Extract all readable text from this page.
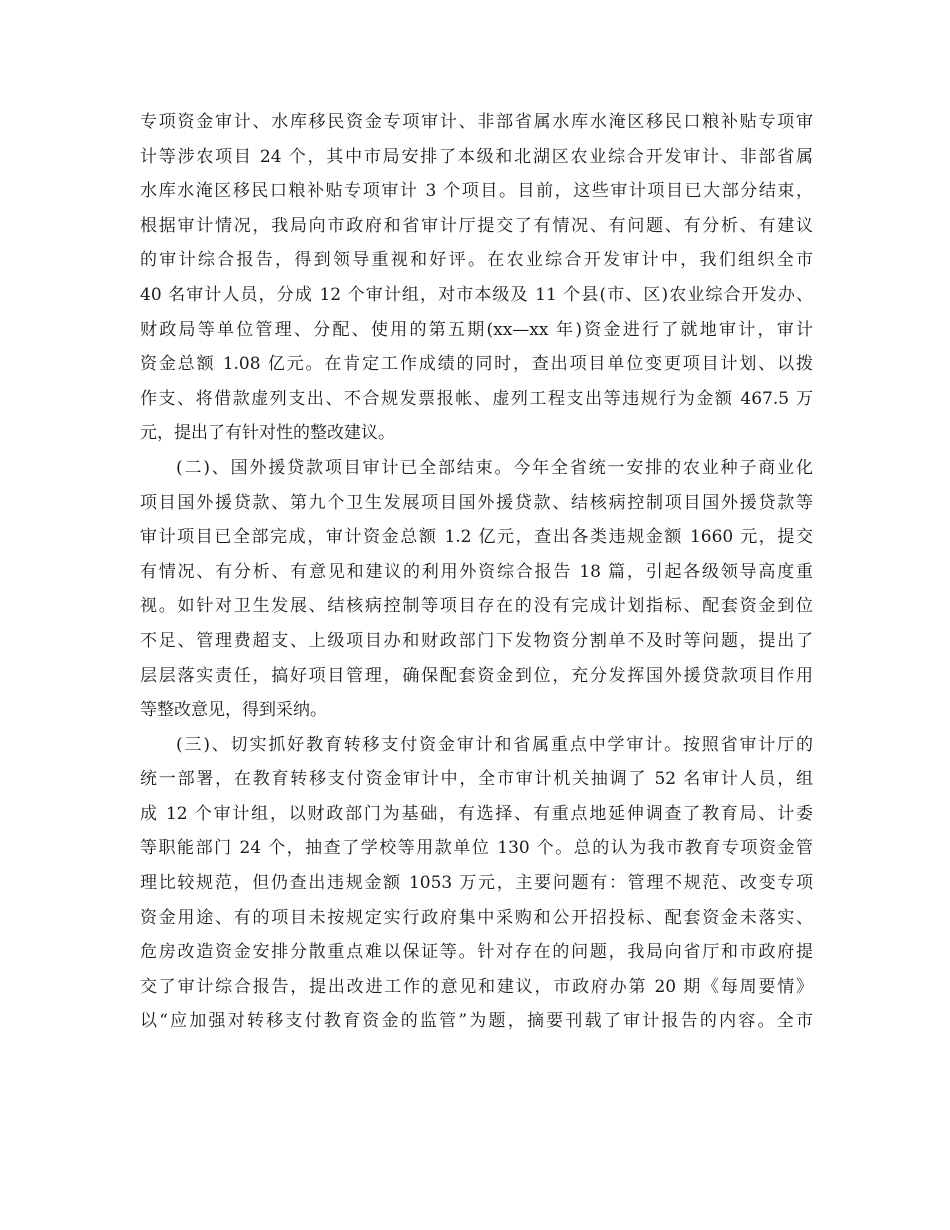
专项资金审计、水库移民资金专项审计、非部省属水库水淹区移民口粮补贴专项审
计等涉农项目 24 个，其中市局安排了本级和北湖区农业综合开发审计、非部省属
水库水淹区移民口粮补贴专项审计 3 个项目。目前，这些审计项目已大部分结束，
根据审计情况，我局向市政府和省审计厅提交了有情况、有问题、有分析、有建议
的审计综合报告，得到领导重视和好评。在农业综合开发审计中，我们组织全市
40 名审计人员，分成 12 个审计组，对市本级及 11 个县(市、区)农业综合开发办、
财政局等单位管理、分配、使用的第五期(xx—xx 年)资金进行了就地审计，审计
资金总额 1.08 亿元。在肯定工作成绩的同时，查出项目单位变更项目计划、以拨
作支、将借款虚列支出、不合规发票报帐、虚列工程支出等违规行为金额 467.5 万
元，提出了有针对性的整改建议。
(二)、国外援贷款项目审计已全部结束。今年全省统一安排的农业种子商业化
项目国外援贷款、第九个卫生发展项目国外援贷款、结核病控制项目国外援贷款等
审计项目已全部完成，审计资金总额 1.2 亿元，查出各类违规金额 1660 元，提交
有情况、有分析、有意见和建议的利用外资综合报告 18 篇，引起各级领导高度重
视。如针对卫生发展、结核病控制等项目存在的没有完成计划指标、配套资金到位
不足、管理费超支、上级项目办和财政部门下发物资分割单不及时等问题，提出了
层层落实责任，搞好项目管理，确保配套资金到位，充分发挥国外援贷款项目作用
等整改意见，得到采纳。
(三)、切实抓好教育转移支付资金审计和省属重点中学审计。按照省审计厅的
统一部署，在教育转移支付资金审计中，全市审计机关抽调了 52 名审计人员，组
成 12 个审计组，以财政部门为基础，有选择、有重点地延伸调查了教育局、计委
等职能部门 24 个，抽查了学校等用款单位 130 个。总的认为我市教育专项资金管
理比较规范，但仍查出违规金额 1053 万元，主要问题有：管理不规范、改变专项
资金用途、有的项目未按规定实行政府集中采购和公开招投标、配套资金未落实、
危房改造资金安排分散重点难以保证等。针对存在的问题，我局向省厅和市政府提
交了审计综合报告，提出改进工作的意见和建议，市政府办第 20 期《每周要情》
以“应加强对转移支付教育资金的监管”为题，摘要刊载了审计报告的内容。全市
